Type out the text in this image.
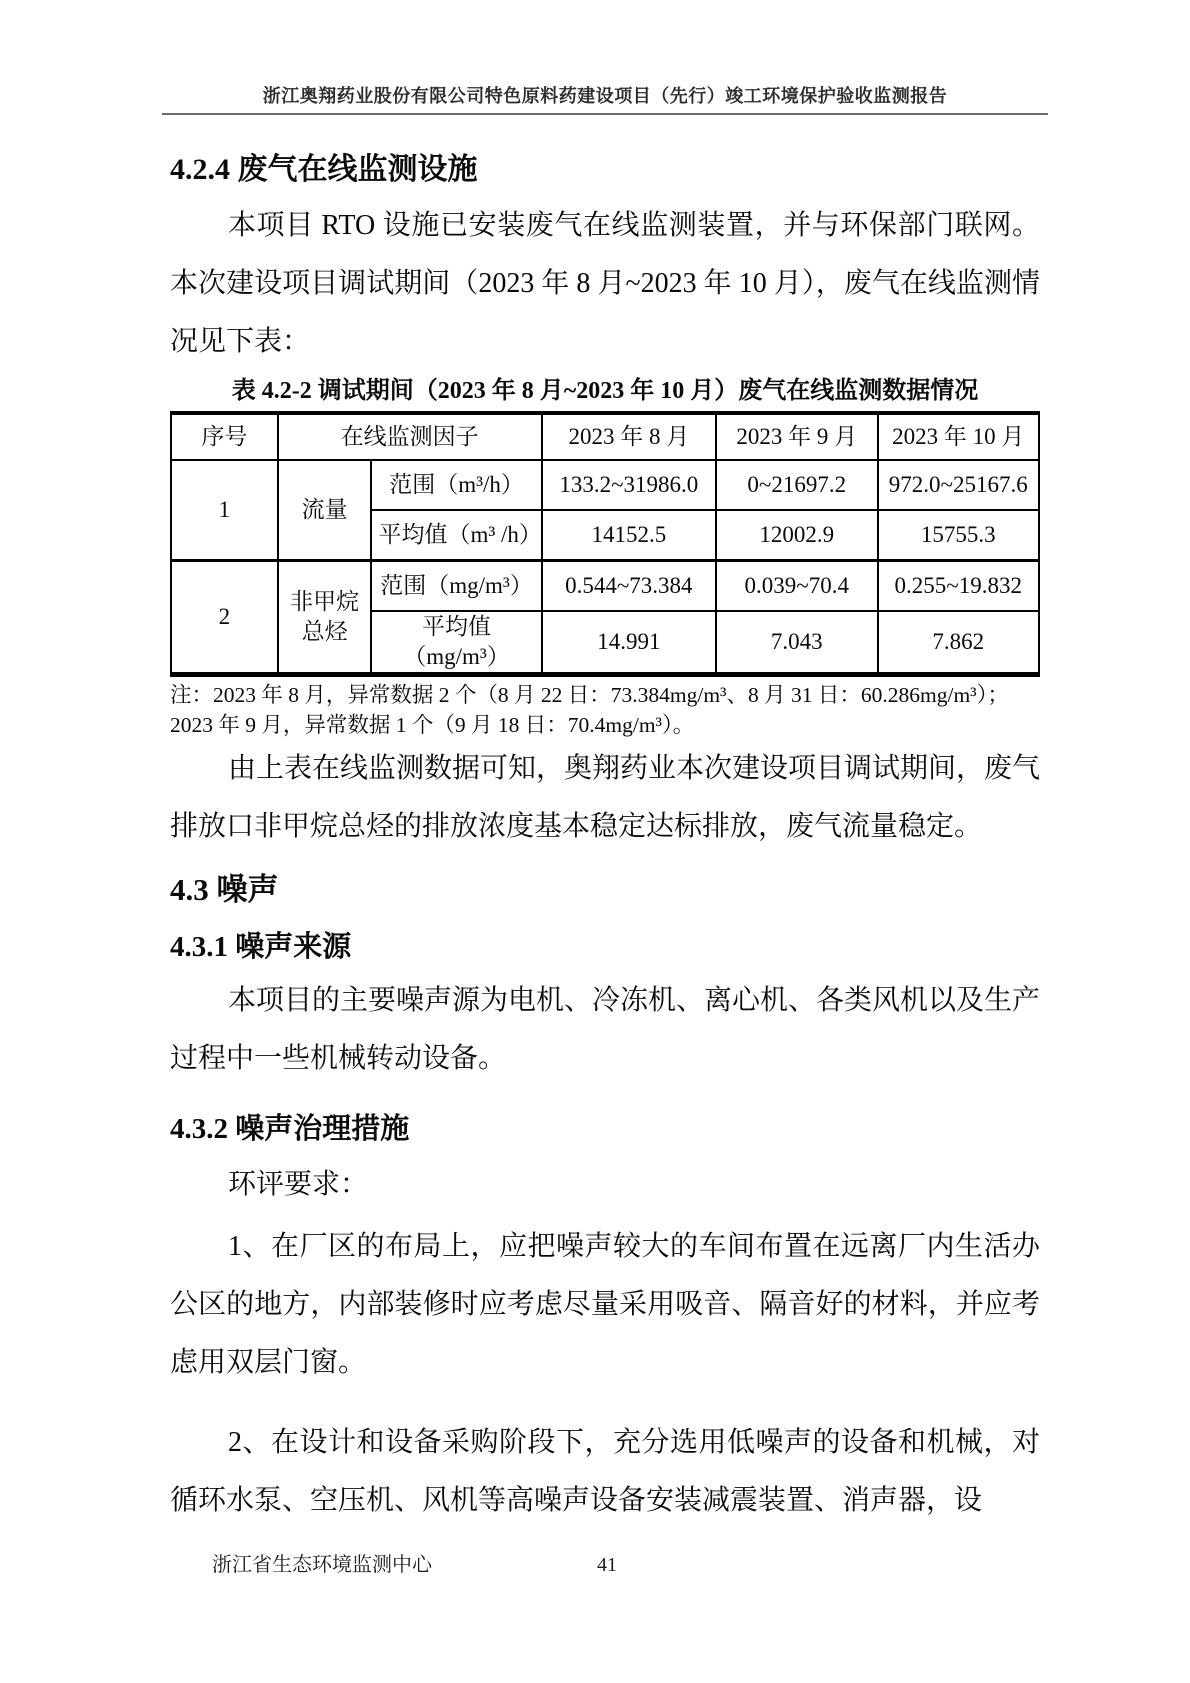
浙江奥翔药业股份有限公司特色原料药建设项目（先行）竣工环境保护验收监测报告
4.2.4 废气在线监测设施

本项目 RTO 设施已安装废气在线监测装置，并与环保部门联网。本次建设项目调试期间（2023 年 8 月~2023 年 10 月），废气在线监测情况见下表：

表 4.2-2 调试期间（2023 年 8 月~2023 年 10 月）废气在线监测数据情况
序号	在线监测因子		2023 年 8 月	2023 年 9 月	2023 年 10 月
1	流量	范围（m³/h）	133.2~31986.0	0~21697.2	972.0~25167.6
		平均值（m³ /h）	14152.5	12002.9	15755.3
2	非甲烷总烃	范围（mg/m³）	0.544~73.384	0.039~70.4	0.255~19.832
		平均值（mg/m³）	14.991	7.043	7.862
注：2023 年 8 月，异常数据 2 个（8 月 22 日：73.384mg/m³、8 月 31 日：60.286mg/m³）；
2023 年 9 月，异常数据 1 个（9 月 18 日：70.4mg/m³）。

由上表在线监测数据可知，奥翔药业本次建设项目调试期间，废气排放口非甲烷总烃的排放浓度基本稳定达标排放，废气流量稳定。

4.3 噪声
4.3.1 噪声来源

本项目的主要噪声源为电机、冷冻机、离心机、各类风机以及生产过程中一些机械转动设备。

4.3.2 噪声治理措施

环评要求：

1、在厂区的布局上，应把噪声较大的车间布置在远离厂内生活办公区的地方，内部装修时应考虑尽量采用吸音、隔音好的材料，并应考虑用双层门窗。

2、在设计和设备采购阶段下，充分选用低噪声的设备和机械，对循环水泵、空压机、风机等高噪声设备安装减震装置、消声器，设

浙江省生态环境监测中心	41
